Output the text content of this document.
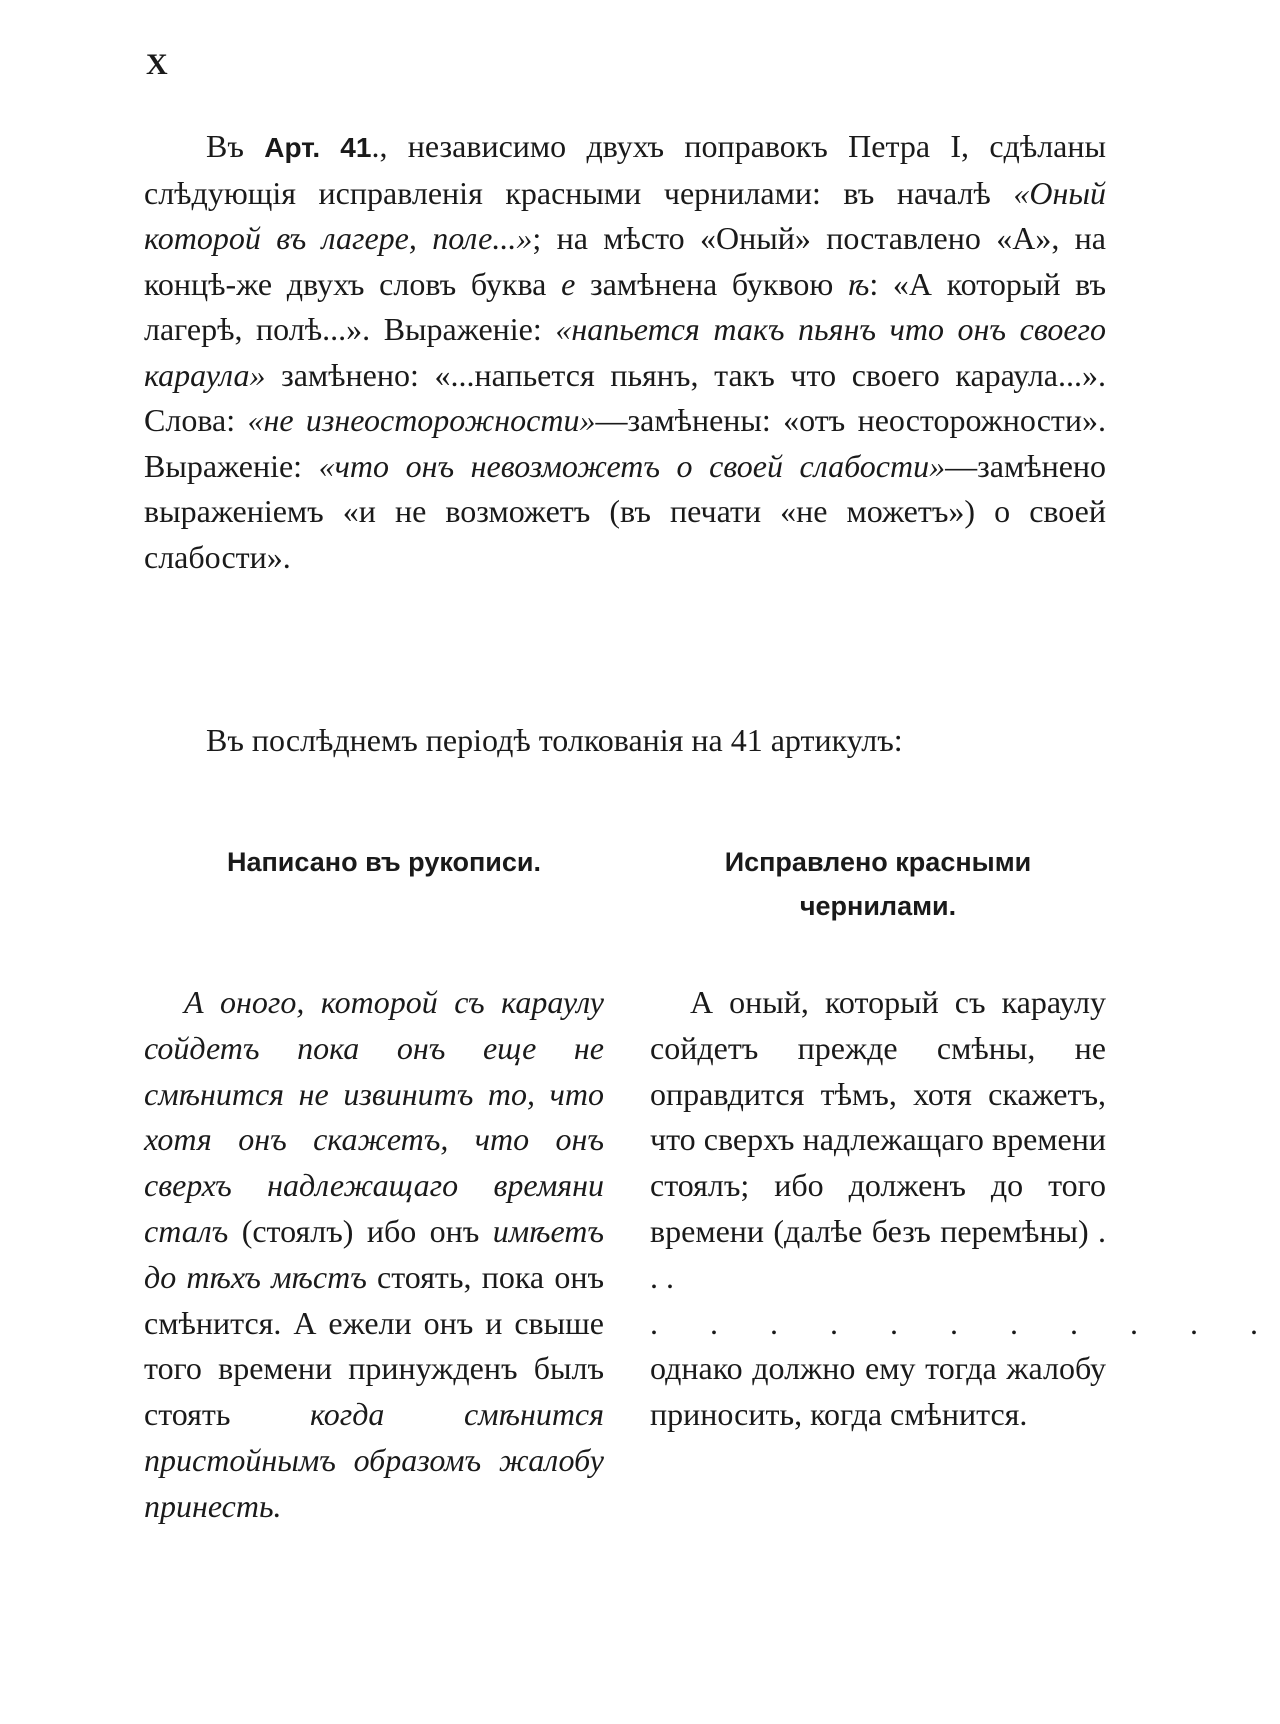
X

Въ Арт. 41., независимо двухъ поправокъ Петра I, сдѣланы слѣдующія исправленія красными чернилами: въ началѣ «Оный которой въ лагере, поле...»; на мѣсто «Оный» поставлено «А», на концѣ-же двухъ словъ буква е замѣнена буквою ѣ: «А который въ лагерѣ, полѣ...». Выраженіе: «напьется такъ пьянъ что онъ своего караула» замѣнено: «...напьется пьянъ, такъ что своего караула...». Слова: «не изнеосторожности»—замѣнены: «отъ неосторожности». Выраженіе: «что онъ невозможетъ о своей слабости»—замѣнено выраженіемъ «и не возможетъ (въ печати «не можетъ») о своей слабости».

Въ послѣднемъ періодѣ толкованія на 41 артикулъ:

Написано въ рукописи.

А оного, которой съ караулу сойдетъ пока онъ еще не смѣнится не извинитъ то, что хотя онъ скажетъ, что онъ сверхъ надлежащаго времяни сталъ (стоялъ) ибо онъ имѣетъ до тѣхъ мѣстъ стоять, пока онъ смѣнится. А ежели онъ и свыше того времени принужденъ былъ стоять когда смѣнится пристойнымъ образомъ жалобу принесть.

Исправлено красными чернилами.

А оный, который съ караулу сойдетъ прежде смѣны, не оправдится тѣмъ, хотя скажетъ, что сверхъ надлежащаго времени стоялъ; ибо долженъ до того времени (далѣе безъ перемѣны) . . .

. . . . . . . . . . .

однако должно ему тогда жалобу приносить, когда смѣнится.
